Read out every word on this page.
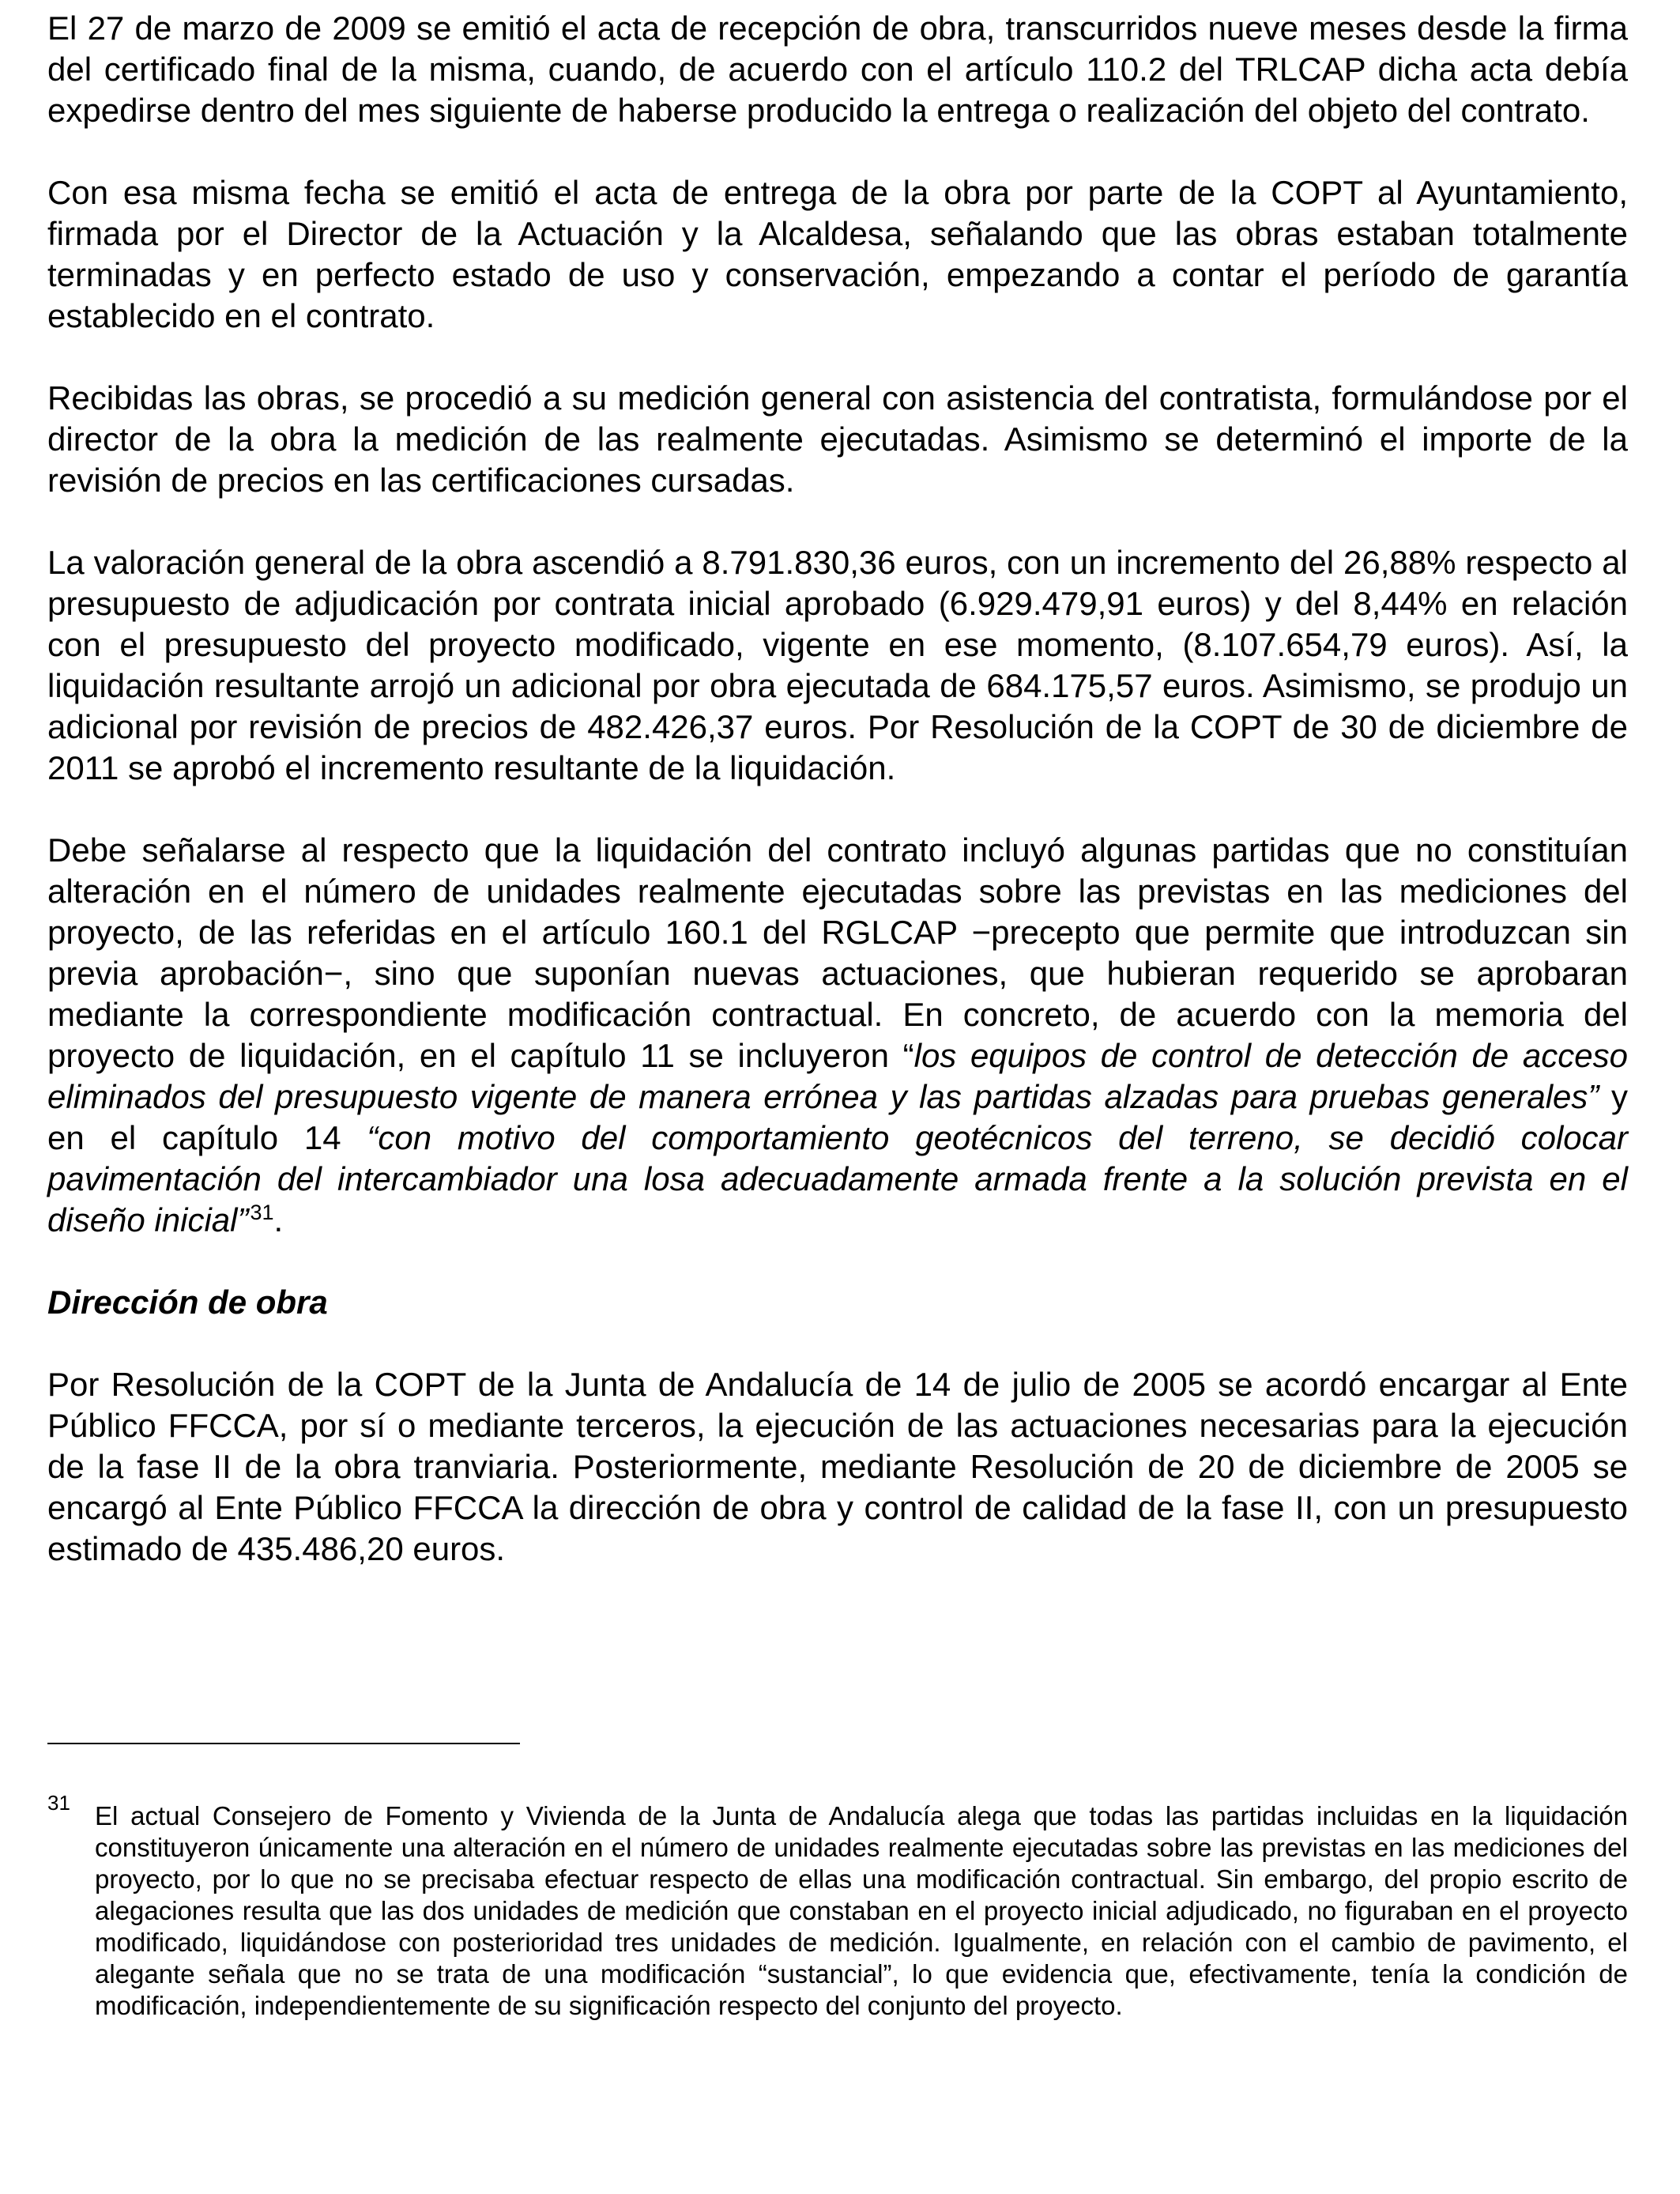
El 27 de marzo de 2009 se emitió el acta de recepción de obra, transcurridos nueve meses desde la firma del certificado final de la misma, cuando, de acuerdo con el artículo 110.2 del TRLCAP dicha acta debía expedirse dentro del mes siguiente de haberse producido la entrega o realización del objeto del contrato.

Con esa misma fecha se emitió el acta de entrega de la obra por parte de la COPT al Ayuntamiento, firmada por el Director de la Actuación y la Alcaldesa, señalando que las obras estaban totalmente terminadas y en perfecto estado de uso y conservación, empezando a contar el período de garantía establecido en el contrato.

Recibidas las obras, se procedió a su medición general con asistencia del contratista, formulándose por el director de la obra la medición de las realmente ejecutadas. Asimismo se determinó el importe de la revisión de precios en las certificaciones cursadas.

La valoración general de la obra ascendió a 8.791.830,36 euros, con un incremento del 26,88% respecto al presupuesto de adjudicación por contrata inicial aprobado (6.929.479,91 euros) y del 8,44% en relación con el presupuesto del proyecto modificado, vigente en ese momento, (8.107.654,79 euros). Así, la liquidación resultante arrojó un adicional por obra ejecutada de 684.175,57 euros. Asimismo, se produjo un adicional por revisión de precios de 482.426,37 euros. Por Resolución de la COPT de 30 de diciembre de 2011 se aprobó el incremento resultante de la liquidación.

Debe señalarse al respecto que la liquidación del contrato incluyó algunas partidas que no constituían alteración en el número de unidades realmente ejecutadas sobre las previstas en las mediciones del proyecto, de las referidas en el artículo 160.1 del RGLCAP −precepto que permite que introduzcan sin previa aprobación−, sino que suponían nuevas actuaciones, que hubieran requerido se aprobaran mediante la correspondiente modificación contractual. En concreto, de acuerdo con la memoria del proyecto de liquidación, en el capítulo 11 se incluyeron “los equipos de control de detección de acceso eliminados del presupuesto vigente de manera errónea y las partidas alzadas para pruebas generales” y en el capítulo 14 “con motivo del comportamiento geotécnicos del terreno, se decidió colocar pavimentación del intercambiador una losa adecuadamente armada frente a la solución prevista en el diseño inicial”$^{31}$.

Dirección de obra

Por Resolución de la COPT de la Junta de Andalucía de 14 de julio de 2005 se acordó encargar al Ente Público FFCCA, por sí o mediante terceros, la ejecución de las actuaciones necesarias para la ejecución de la fase II de la obra tranviaria. Posteriormente, mediante Resolución de 20 de diciembre de 2005 se encargó al Ente Público FFCCA la dirección de obra y control de calidad de la fase II, con un presupuesto estimado de 435.486,20 euros.

31 El actual Consejero de Fomento y Vivienda de la Junta de Andalucía alega que todas las partidas incluidas en la liquidación constituyeron únicamente una alteración en el número de unidades realmente ejecutadas sobre las previstas en las mediciones del proyecto, por lo que no se precisaba efectuar respecto de ellas una modificación contractual. Sin embargo, del propio escrito de alegaciones resulta que las dos unidades de medición que constaban en el proyecto inicial adjudicado, no figuraban en el proyecto modificado, liquidándose con posterioridad tres unidades de medición. Igualmente, en relación con el cambio de pavimento, el alegante señala que no se trata de una modificación “sustancial”, lo que evidencia que, efectivamente, tenía la condición de modificación, independientemente de su significación respecto del conjunto del proyecto.
